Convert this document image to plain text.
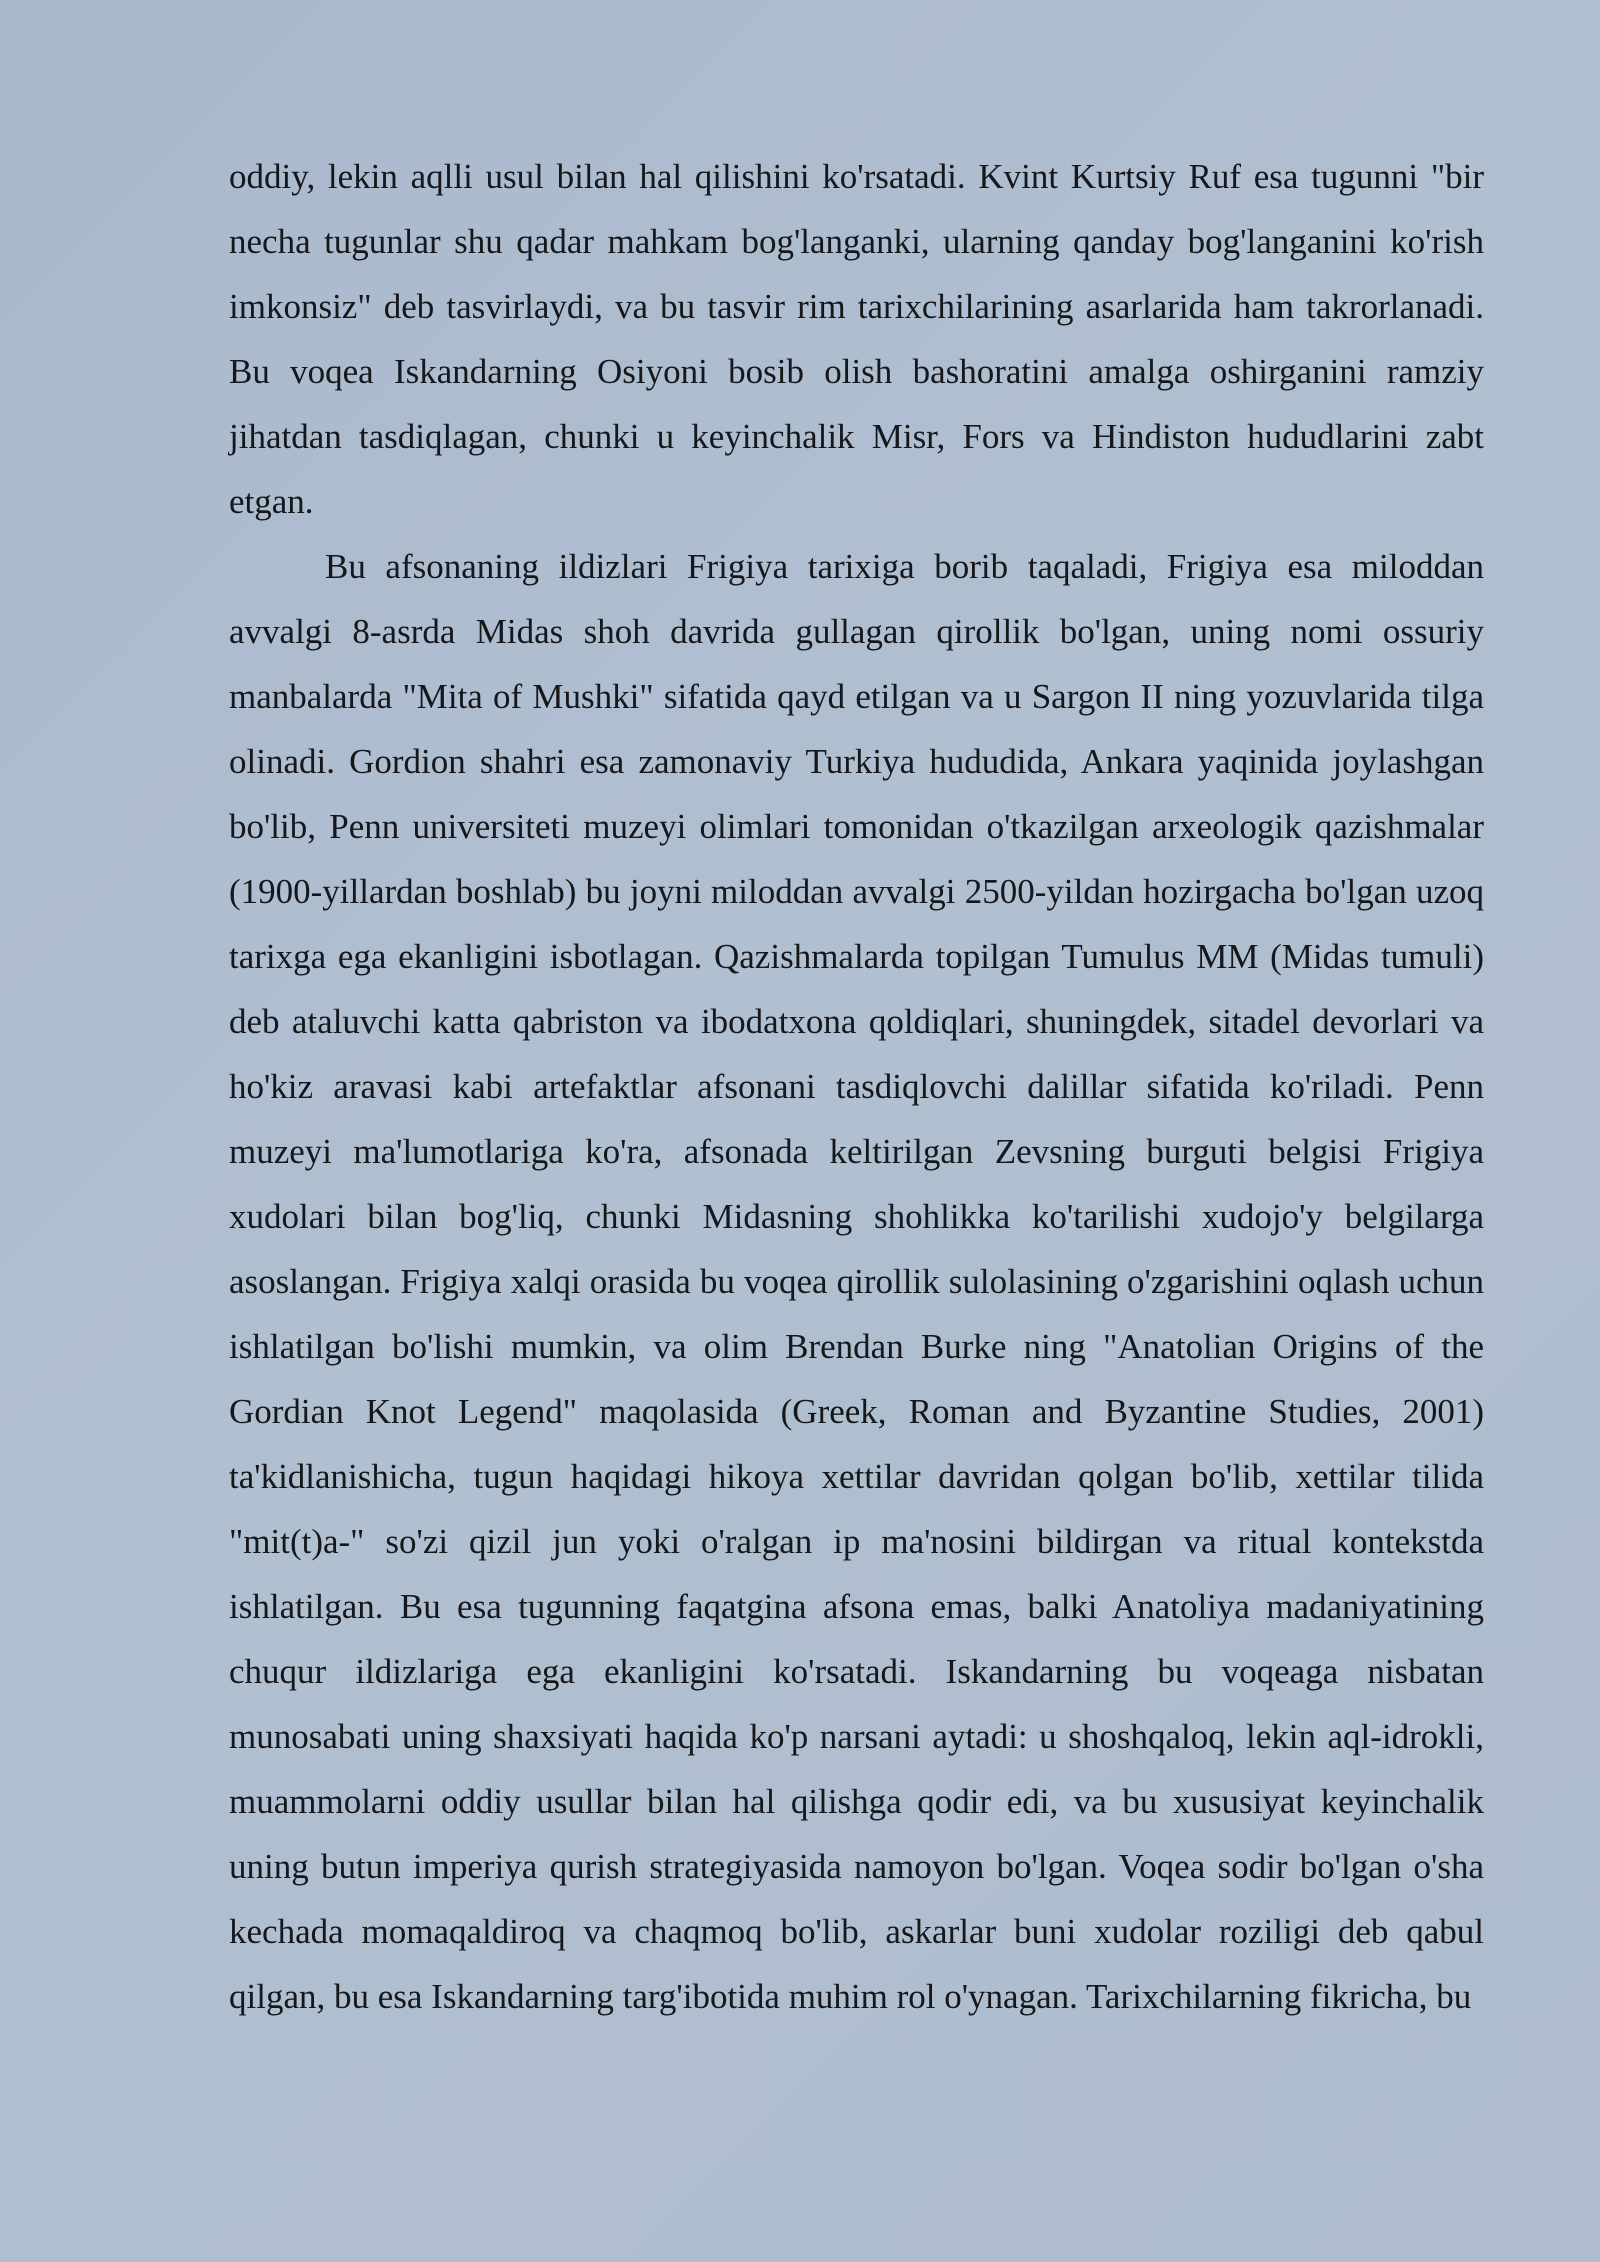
oddiy, lekin aqlli usul bilan hal qilishini ko'rsatadi. Kvint Kurtsiy Ruf esa tugunni "bir necha tugunlar shu qadar mahkam bog'langanki, ularning qanday bog'langanini ko'rish imkonsiz" deb tasvirlaydi, va bu tasvir rim tarixchilarining asarlarida ham takrorlanadi. Bu voqea Iskandarning Osiyoni bosib olish bashoratini amalga oshirganini ramziy jihatdan tasdiqlagan, chunki u keyinchalik Misr, Fors va Hindiston hududlarini zabt etgan.

Bu afsonaning ildizlari Frigiya tarixiga borib taqaladi, Frigiya esa miloddan avvalgi 8-asrda Midas shoh davrida gullagan qirollik bo'lgan, uning nomi ossuriy manbalarda "Mita of Mushki" sifatida qayd etilgan va u Sargon II ning yozuvlarida tilga olinadi. Gordion shahri esa zamonaviy Turkiya hududida, Ankara yaqinida joylashgan bo'lib, Penn universiteti muzeyi olimlari tomonidan o'tkazilgan arxeologik qazishmalar (1900-yillardan boshlab) bu joyni miloddan avvalgi 2500-yildan hozirgacha bo'lgan uzoq tarixga ega ekanligini isbotlagan. Qazishmalarda topilgan Tumulus MM (Midas tumuli) deb ataluvchi katta qabriston va ibodatxona qoldiqlari, shuningdek, sitadel devorlari va ho'kiz aravasi kabi artefaktlar afsonani tasdiqlovchi dalillar sifatida ko'riladi. Penn muzeyi ma'lumotlariga ko'ra, afsonada keltirilgan Zevsning burguti belgisi Frigiya xudolari bilan bog'liq, chunki Midasning shohlikka ko'tarilishi xudojo'y belgilarga asoslangan. Frigiya xalqi orasida bu voqea qirollik sulolasining o'zgarishini oqlash uchun ishlatilgan bo'lishi mumkin, va olim Brendan Burke ning "Anatolian Origins of the Gordian Knot Legend" maqolasida (Greek, Roman and Byzantine Studies, 2001) ta'kidlanishicha, tugun haqidagi hikoya xettilar davridan qolgan bo'lib, xettilar tilida "mit(t)a-" so'zi qizil jun yoki o'ralgan ip ma'nosini bildirgan va ritual kontekstda ishlatilgan. Bu esa tugunning faqatgina afsona emas, balki Anatoliya madaniyatining chuqur ildizlariga ega ekanligini ko'rsatadi. Iskandarning bu voqeaga nisbatan munosabati uning shaxsiyati haqida ko'p narsani aytadi: u shoshqaloq, lekin aql-idrokli, muammolarni oddiy usullar bilan hal qilishga qodir edi, va bu xususiyat keyinchalik uning butun imperiya qurish strategiyasida namoyon bo'lgan. Voqea sodir bo'lgan o'sha kechada momaqaldiroq va chaqmoq bo'lib, askarlar buni xudolar roziligi deb qabul qilgan, bu esa Iskandarning targ'ibotida muhim rol o'ynagan. Tarixchilarning fikricha, bu
